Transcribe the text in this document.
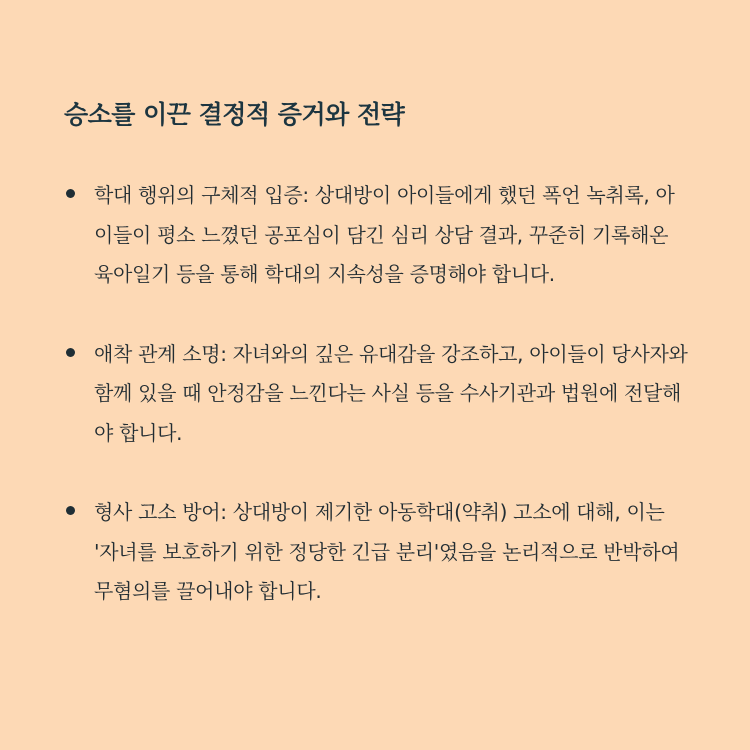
승소를 이끈 결정적 증거와 전략
학대 행위의 구체적 입증: 상대방이 아이들에게 했던 폭언 녹취록, 아이들이 평소 느꼈던 공포심이 담긴 심리 상담 결과, 꾸준히 기록해온 육아일기 등을 통해 학대의 지속성을 증명해야 합니다.
애착 관계 소명: 자녀와의 깊은 유대감을 강조하고, 아이들이 당사자와 함께 있을 때 안정감을 느낀다는 사실 등을 수사기관과 법원에 전달해야 합니다.
형사 고소 방어: 상대방이 제기한 아동학대(약취) 고소에 대해, 이는 '자녀를 보호하기 위한 정당한 긴급 분리'였음을 논리적으로 반박하여 무혐의를 끌어내야 합니다.
